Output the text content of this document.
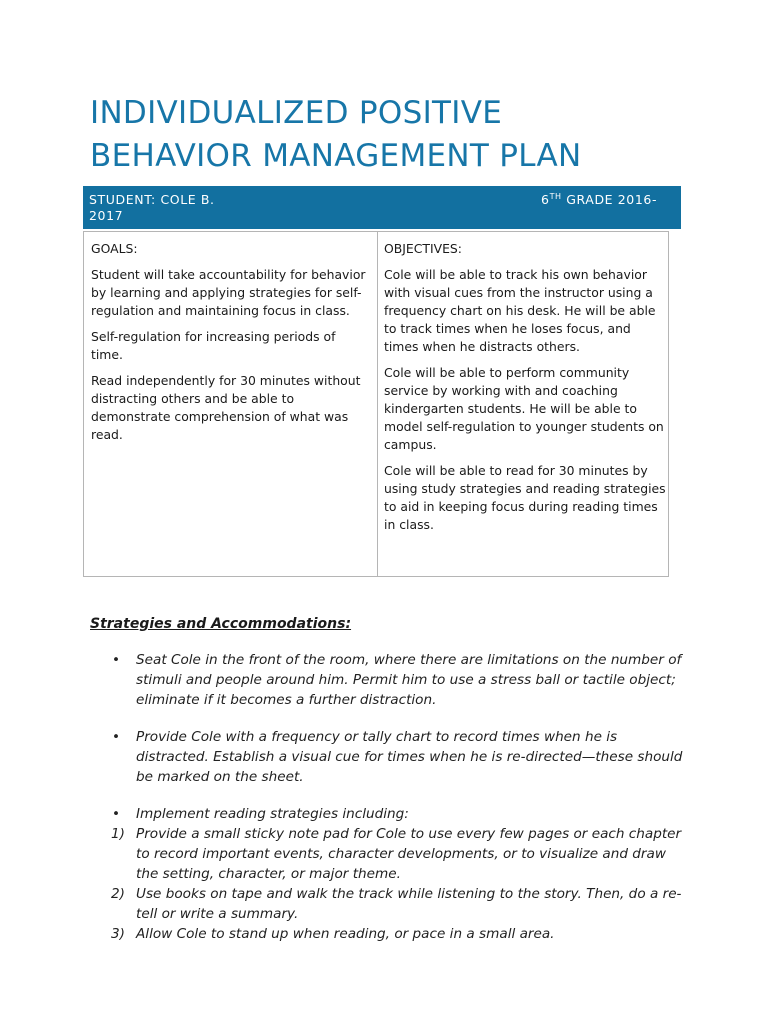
INDIVIDUALIZED POSITIVE
BEHAVIOR MANAGEMENT PLAN
STUDENT: COLE B.	6TH GRADE 2016-
2017

GOALS:

Student will take accountability for behavior by learning and applying strategies for self-regulation and maintaining focus in class.

Self-regulation for increasing periods of time.

Read independently for 30 minutes without distracting others and be able to demonstrate comprehension of what was read.

OBJECTIVES:

Cole will be able to track his own behavior with visual cues from the instructor using a frequency chart on his desk. He will be able to track times when he loses focus, and times when he distracts others.

Cole will be able to perform community service by working with and coaching kindergarten students. He will be able to model self-regulation to younger students on campus.

Cole will be able to read for 30 minutes by using study strategies and reading strategies to aid in keeping focus during reading times in class.

Strategies and Accommodations:

• Seat Cole in the front of the room, where there are limitations on the number of stimuli and people around him. Permit him to use a stress ball or tactile object; eliminate if it becomes a further distraction.
• Provide Cole with a frequency or tally chart to record times when he is distracted. Establish a visual cue for times when he is re-directed—these should be marked on the sheet.
• Implement reading strategies including:
1) Provide a small sticky note pad for Cole to use every few pages or each chapter to record important events, character developments, or to visualize and draw the setting, character, or major theme.
2) Use books on tape and walk the track while listening to the story. Then, do a re-tell or write a summary.
3) Allow Cole to stand up when reading, or pace in a small area.
